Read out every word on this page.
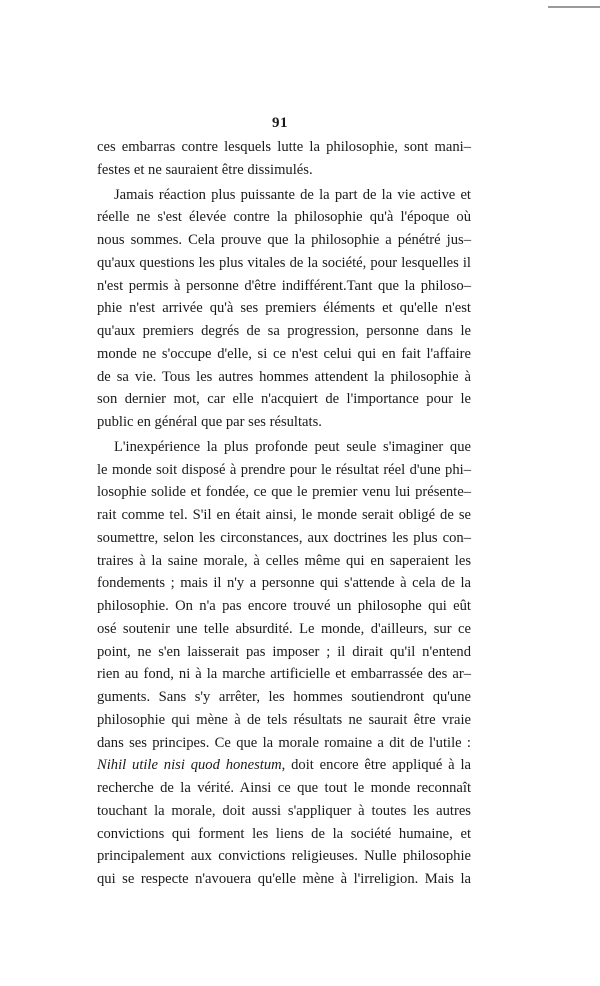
91
ces embarras contre lesquels lutte la philosophie, sont mani–
festes et ne sauraient être dissimulés.
Jamais réaction plus puissante de la part de la vie active et
réelle ne s'est élevée contre la philosophie qu'à l'époque où
nous sommes. Cela prouve que la philosophie a pénétré jus–
qu'aux questions les plus vitales de la société, pour lesquelles il
n'est permis à personne d'être indifférent.Tant que la philoso–
phie n'est arrivée qu'à ses premiers éléments et qu'elle n'est
qu'aux premiers degrés de sa progression, personne dans le
monde ne s'occupe d'elle, si ce n'est celui qui en fait l'affaire
de sa vie. Tous les autres hommes attendent la philosophie à
son dernier mot, car elle n'acquiert de l'importance pour le
public en général que par ses résultats.
L'inexpérience la plus profonde peut seule s'imaginer que
le monde soit disposé à prendre pour le résultat réel d'une phi–
losophie solide et fondée, ce que le premier venu lui présente–
rait comme tel. S'il en était ainsi, le monde serait obligé de se
soumettre, selon les circonstances, aux doctrines les plus con–
traires à la saine morale, à celles même qui en saperaient les
fondements ; mais il n'y a personne qui s'attende à cela de la
philosophie. On n'a pas encore trouvé un philosophe qui eût
osé soutenir une telle absurdité. Le monde, d'ailleurs, sur ce
point, ne s'en laisserait pas imposer ; il dirait qu'il n'entend
rien au fond, ni à la marche artificielle et embarrassée des ar–
guments. Sans s'y arrêter, les hommes soutiendront qu'une
philosophie qui mène à de tels résultats ne saurait être vraie
dans ses principes. Ce que la morale romaine a dit de l'utile :
Nihil utile nisi quod honestum, doit encore être appliqué à la
recherche de la vérité. Ainsi ce que tout le monde reconnaît
touchant la morale, doit aussi s'appliquer à toutes les autres
convictions qui forment les liens de la société humaine, et
principalement aux convictions religieuses. Nulle philosophie
qui se respecte n'avouera qu'elle mène à l'irreligion. Mais la
